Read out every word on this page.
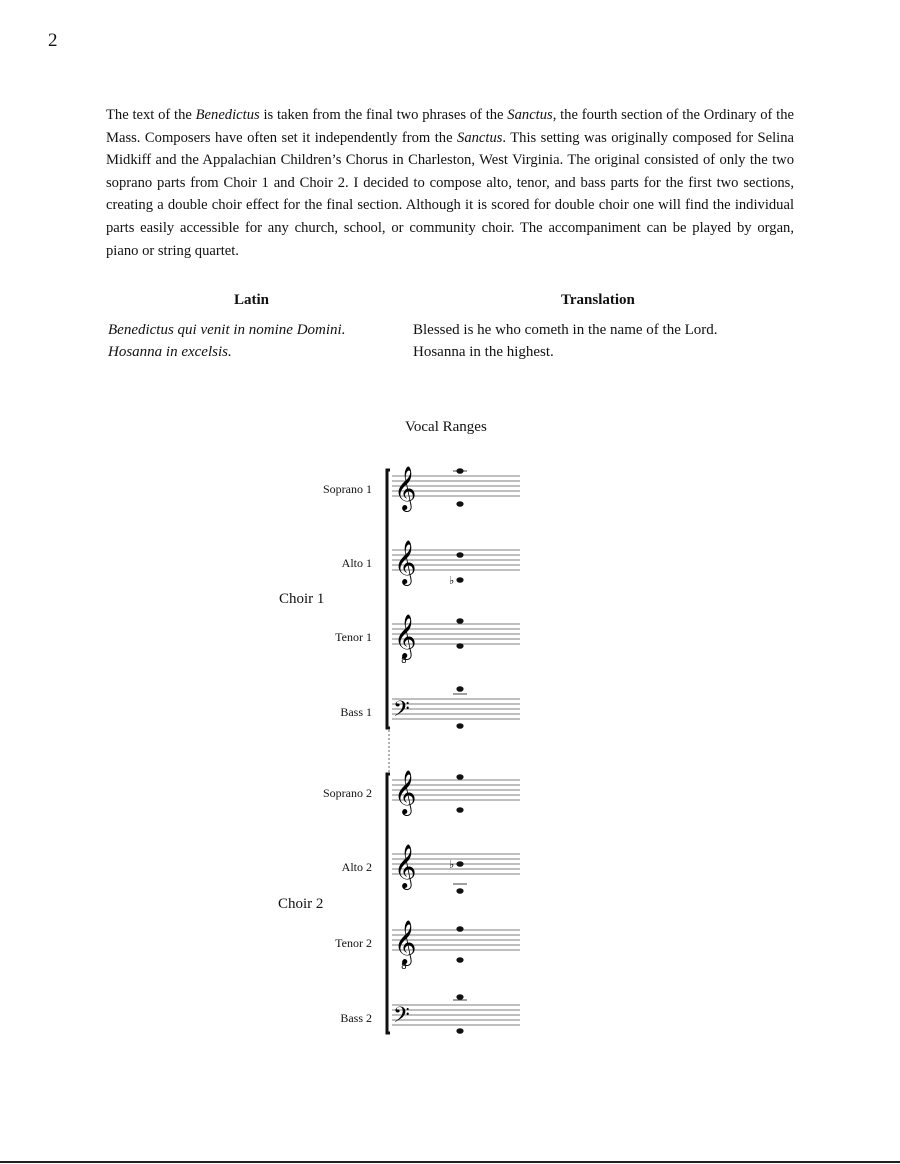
2

The text of the Benedictus is taken from the final two phrases of the Sanctus, the fourth section of the Ordinary of the Mass. Composers have often set it independently from the Sanctus. This setting was originally composed for Selina Midkiff and the Appalachian Children’s Chorus in Charleston, West Virginia. The original consisted of only the two soprano parts from Choir 1 and Choir 2. I decided to compose alto, tenor, and bass parts for the first two sections, creating a double choir effect for the final section. Although it is scored for double choir one will find the individual parts easily accessible for any church, school, or community choir. The accompaniment can be played by organ, piano or string quartet.

Latin	Translation
Benedictus qui venit in nomine Domini.
Hosanna in excelsis.
Blessed is he who cometh in the name of the Lord.
Hosanna in the highest.
Vocal Ranges
Choir 1
Choir 2
Soprano 1
Alto 1
Tenor 1
Bass 1
Soprano 2
Alto 2
Tenor 2
Bass 2
𝄞
𝄞
𝄞
8
𝄢
𝄞
𝄞
𝄞
8
𝄢
♭
♭
